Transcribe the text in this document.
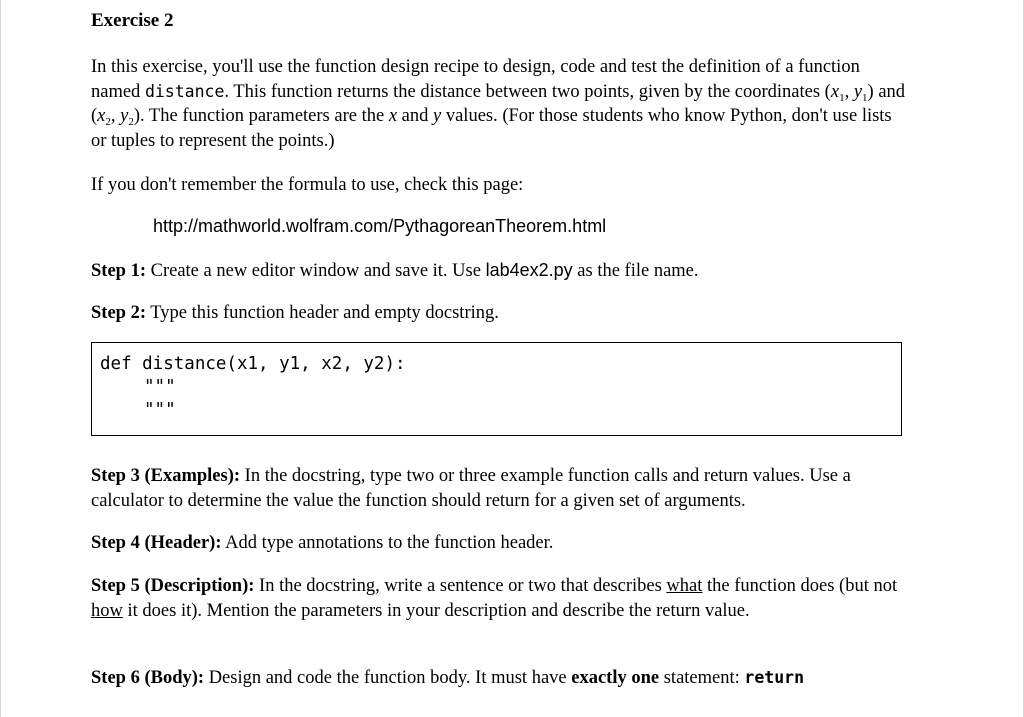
Exercise 2
In this exercise, you'll use the function design recipe to design, code and test the definition of a function named distance. This function returns the distance between two points, given by the coordinates ($x_1$, $y_1$) and ($x_2$, $y_2$). The function parameters are the x and y values. (For those students who know Python, don't use lists or tuples to represent the points.)
If you don't remember the formula to use, check this page:
http://mathworld.wolfram.com/PythagoreanTheorem.html
Step 1: Create a new editor window and save it. Use lab4ex2.py as the file name.
Step 2: Type this function header and empty docstring.
def distance(x1, y1, x2, y2):
"""
"""
Step 3 (Examples): In the docstring, type two or three example function calls and return values. Use a calculator to determine the value the function should return for a given set of arguments.
Step 4 (Header): Add type annotations to the function header.
Step 5 (Description): In the docstring, write a sentence or two that describes what the function does (but not how it does it). Mention the parameters in your description and describe the return value.
Step 6 (Body): Design and code the function body. It must have exactly one statement: return
